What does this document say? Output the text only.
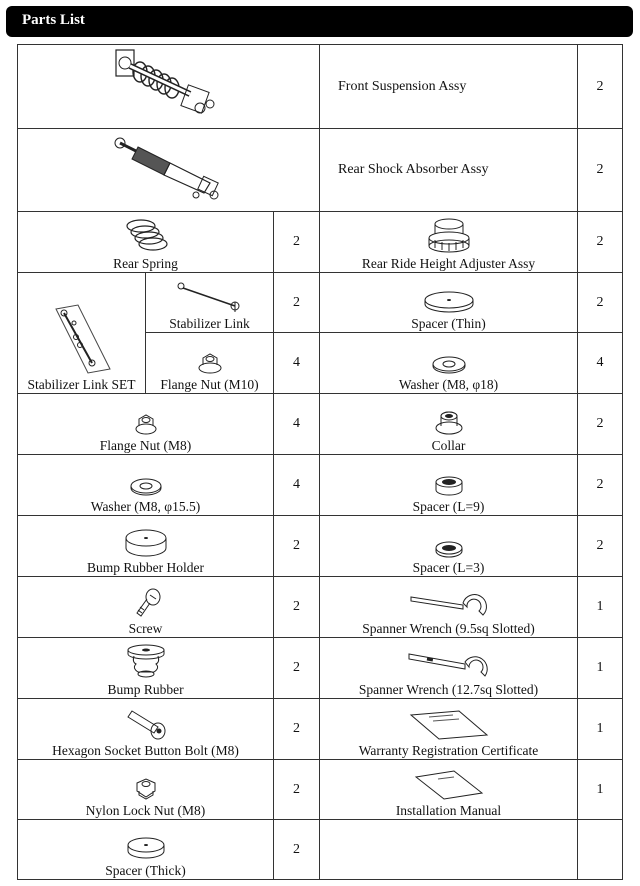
Parts List
	Front Suspension Assy	2

	Rear Shock Absorber Assy	2

Rear Spring		2	Rear Ride Height Adjuster Assy	2

Stabilizer Link SET	Stabilizer Link	2	Spacer (Thin)	2

	Flange Nut (M10)	4	Washer (M8, φ18)	4

Flange Nut (M8)		4	Collar	2

Washer (M8, φ15.5)		4	Spacer (L=9)	2

Bump Rubber Holder		2	Spacer (L=3)	2

Screw		2	Spanner Wrench (9.5sq Slotted)	1

Bump Rubber		2	Spanner Wrench (12.7sq Slotted)	1

Hexagon Socket Button Bolt (M8)		2	Warranty Registration Certificate	1

Nylon Lock Nut (M8)		2	Installation Manual	1

Spacer (Thick)		2		
